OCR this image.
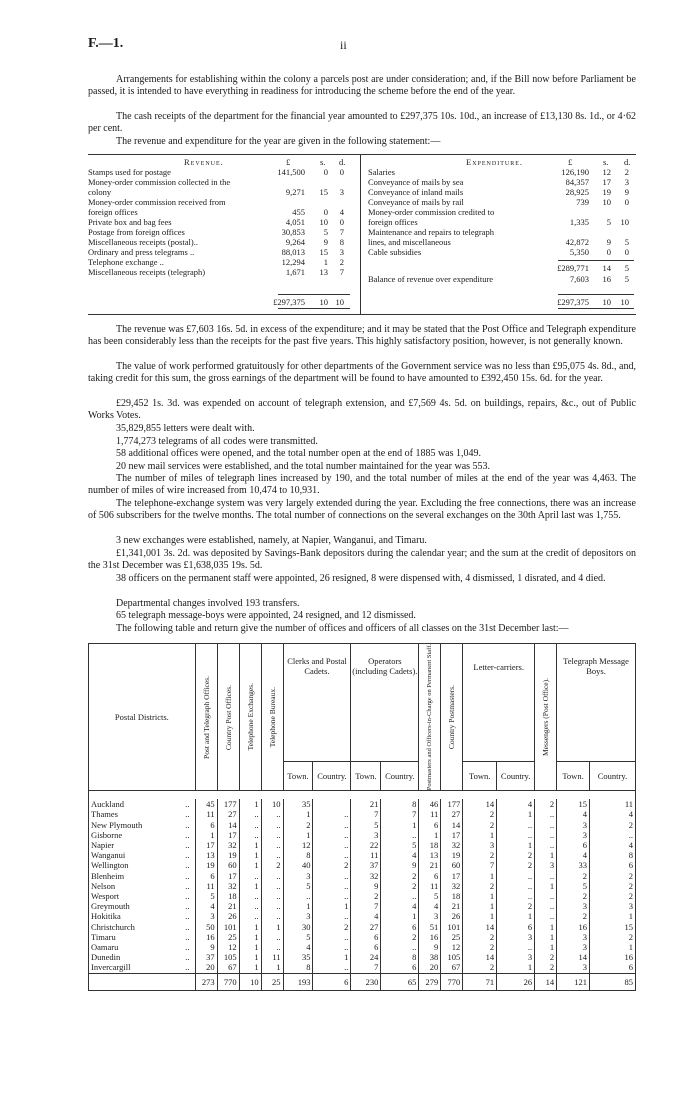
F.—1.	ii

Arrangements for establishing within the colony a parcels post are under consideration; and, if the Bill now before Parliament be passed, it is intended to have everything in readiness for introducing the scheme before the end of the year.

The cash receipts of the department for the financial year amounted to £297,375 10s. 10d., an increase of £13,130 8s. 1d., or 4·62 per cent.

The revenue and expenditure for the year are given in the following statement:—

Revenue.	£	s. d.	Expenditure.	£	s. d.
Stamps used for postage	141,500	0	0
Money-order commission collected in the
colony	9,271	15	3
Money-order commission received from
foreign offices	455	0	4
Private box and bag fees	4,051	10	0
Postage from foreign offices	30,853	5	7
Miscellaneous receipts (postal)..	9,264	9	8
Ordinary and press telegrams ..	88,013	15	3
Telephone exchange ..	12,294	1	2
Miscellaneous receipts (telegraph)	1,671	13	7
£297,375	10 10
Salaries	126,190	12	2
Conveyance of mails by sea	84,357	17	3
Conveyance of inland mails	28,925	19	9
Conveyance of mails by rail	739	10	0
Money-order commission credited to
foreign offices	1,335	5	10
Maintenance and repairs to telegraph
lines, and miscellaneous	42,872	9	5
Cable subsidies	5,350	0	0
£289,771	14	5
Balance of revenue over expenditure	7,603	16	5
£297,375	10	10

The revenue was £7,603 16s. 5d. in excess of the expenditure; and it may be stated that the Post Office and Telegraph expenditure has been considerably less than the receipts for the past five years. This highly satisfactory position, however, is not generally known.

The value of work performed gratuitously for other departments of the Government service was no less than £95,075 4s. 8d., and, taking credit for this sum, the gross earnings of the department will be found to have amounted to £392,450 15s. 6d. for the year.

£29,452 1s. 3d. was expended on account of telegraph extension, and £7,569 4s. 5d. on buildings, repairs, &c., out of Public Works Votes.

35,829,855 letters were dealt with.

1,774,273 telegrams of all codes were transmitted.

58 additional offices were opened, and the total number open at the end of 1885 was 1,049.

20 new mail services were established, and the total number maintained for the year was 553.

The number of miles of telegraph lines increased by 190, and the total number of miles at the end of the year was 4,463. The number of miles of wire increased from 10,474 to 10,931.

The telephone-exchange system was very largely extended during the year. Excluding the free connections, there was an increase of 506 subscribers for the twelve months. The total number of connections on the several exchanges on the 30th April last was 1,755.

3 new exchanges were established, namely, at Napier, Wanganui, and Timaru.

£1,341,001 3s. 2d. was deposited by Savings-Bank depositors during the calendar year; and the sum at the credit of depositors on the 31st December was £1,638,035 19s. 5d.

38 officers on the permanent staff were appointed, 26 resigned, 8 were dispensed with, 4 dismissed, 1 disrated, and 4 died.

Departmental changes involved 193 transfers.

65 telegraph message-boys were appointed, 24 resigned, and 12 dismissed.

The following table and return give the number of offices and officers of all classes on the 31st December last:—

Postal Districts.		Post and Telegraph Offices.	Country Post Offices.	Telephone Exchanges.	Telephone Bureaux.	Clerks and Postal Cadets.		Operators (including Cadets).		Postmasters and Officers-in-Charge on Permanent Staff.	Country Postmasters.	Letter-carriers.		Messengers (Post Office).	Telegraph Message Boys.	
						Town.	Country.	Town.	Country.			Town.	Country.		Town.	Country.

Auckland	..	45	177	1	10	35		21	8	46	177	14	4	2	15	11
Thames	..	11	27	..	..	1	..	7	7	11	27	2	1	..	4	4
New Plymouth	..	6	14	..	..	2	..	5	1	6	14	2	..	..	3	2
Gisborne	..	1	17	..	..	1	..	3	..	1	17	1	..	..	3	..
Napier	..	17	32	1	..	12	..	22	5	18	32	3	1	..	6	4
Wanganui	..	13	19	1	..	8	..	11	4	13	19	2	2	1	4	8
Wellington	..	19	60	1	2	40	2	37	9	21	60	7	2	3	33	6
Blenheim	..	6	17	..	..	3	..	32	2	6	17	1	..	..	2	2
Nelson	..	11	32	1	..	5	..	9	2	11	32	2	..	1	5	2
Wesport	..	5	18	..	..	..	..	2	..	5	18	1	..	..	2	2
Greymouth	..	4	21	..	..	1	1	7	4	4	21	1	2	..	3	3
Hokitika	..	3	26	..	..	3	..	4	1	3	26	1	1	..	2	1
Christchurch	..	50	101	1	1	30	2	27	6	51	101	14	6	1	16	15
Timaru	..	16	25	1	..	5	..	6	2	16	25	2	3	1	3	2
Oamaru	..	9	12	1	..	4	..	6	..	9	12	2	..	1	3	1
Dunedin	..	37	105	1	11	35	1	24	8	38	105	14	3	2	14	16
Invercargill	..	20	67	1	1	8	..	7	6	20	67	2	1	2	3	6
		273	770	10	25	193	6	230	65	279	770	71	26	14	121	85
